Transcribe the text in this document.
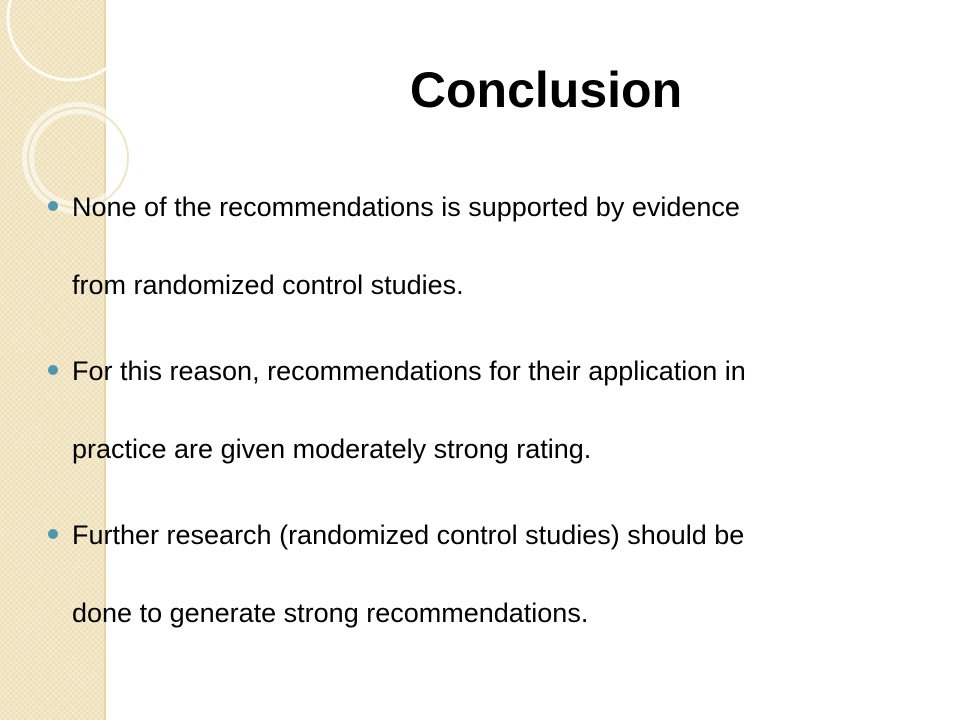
Conclusion
None of the recommendations is supported by evidence
from randomized control studies.
For this reason, recommendations for their application in
practice are given moderately strong rating.
Further research (randomized control studies) should be
done to generate strong recommendations.
